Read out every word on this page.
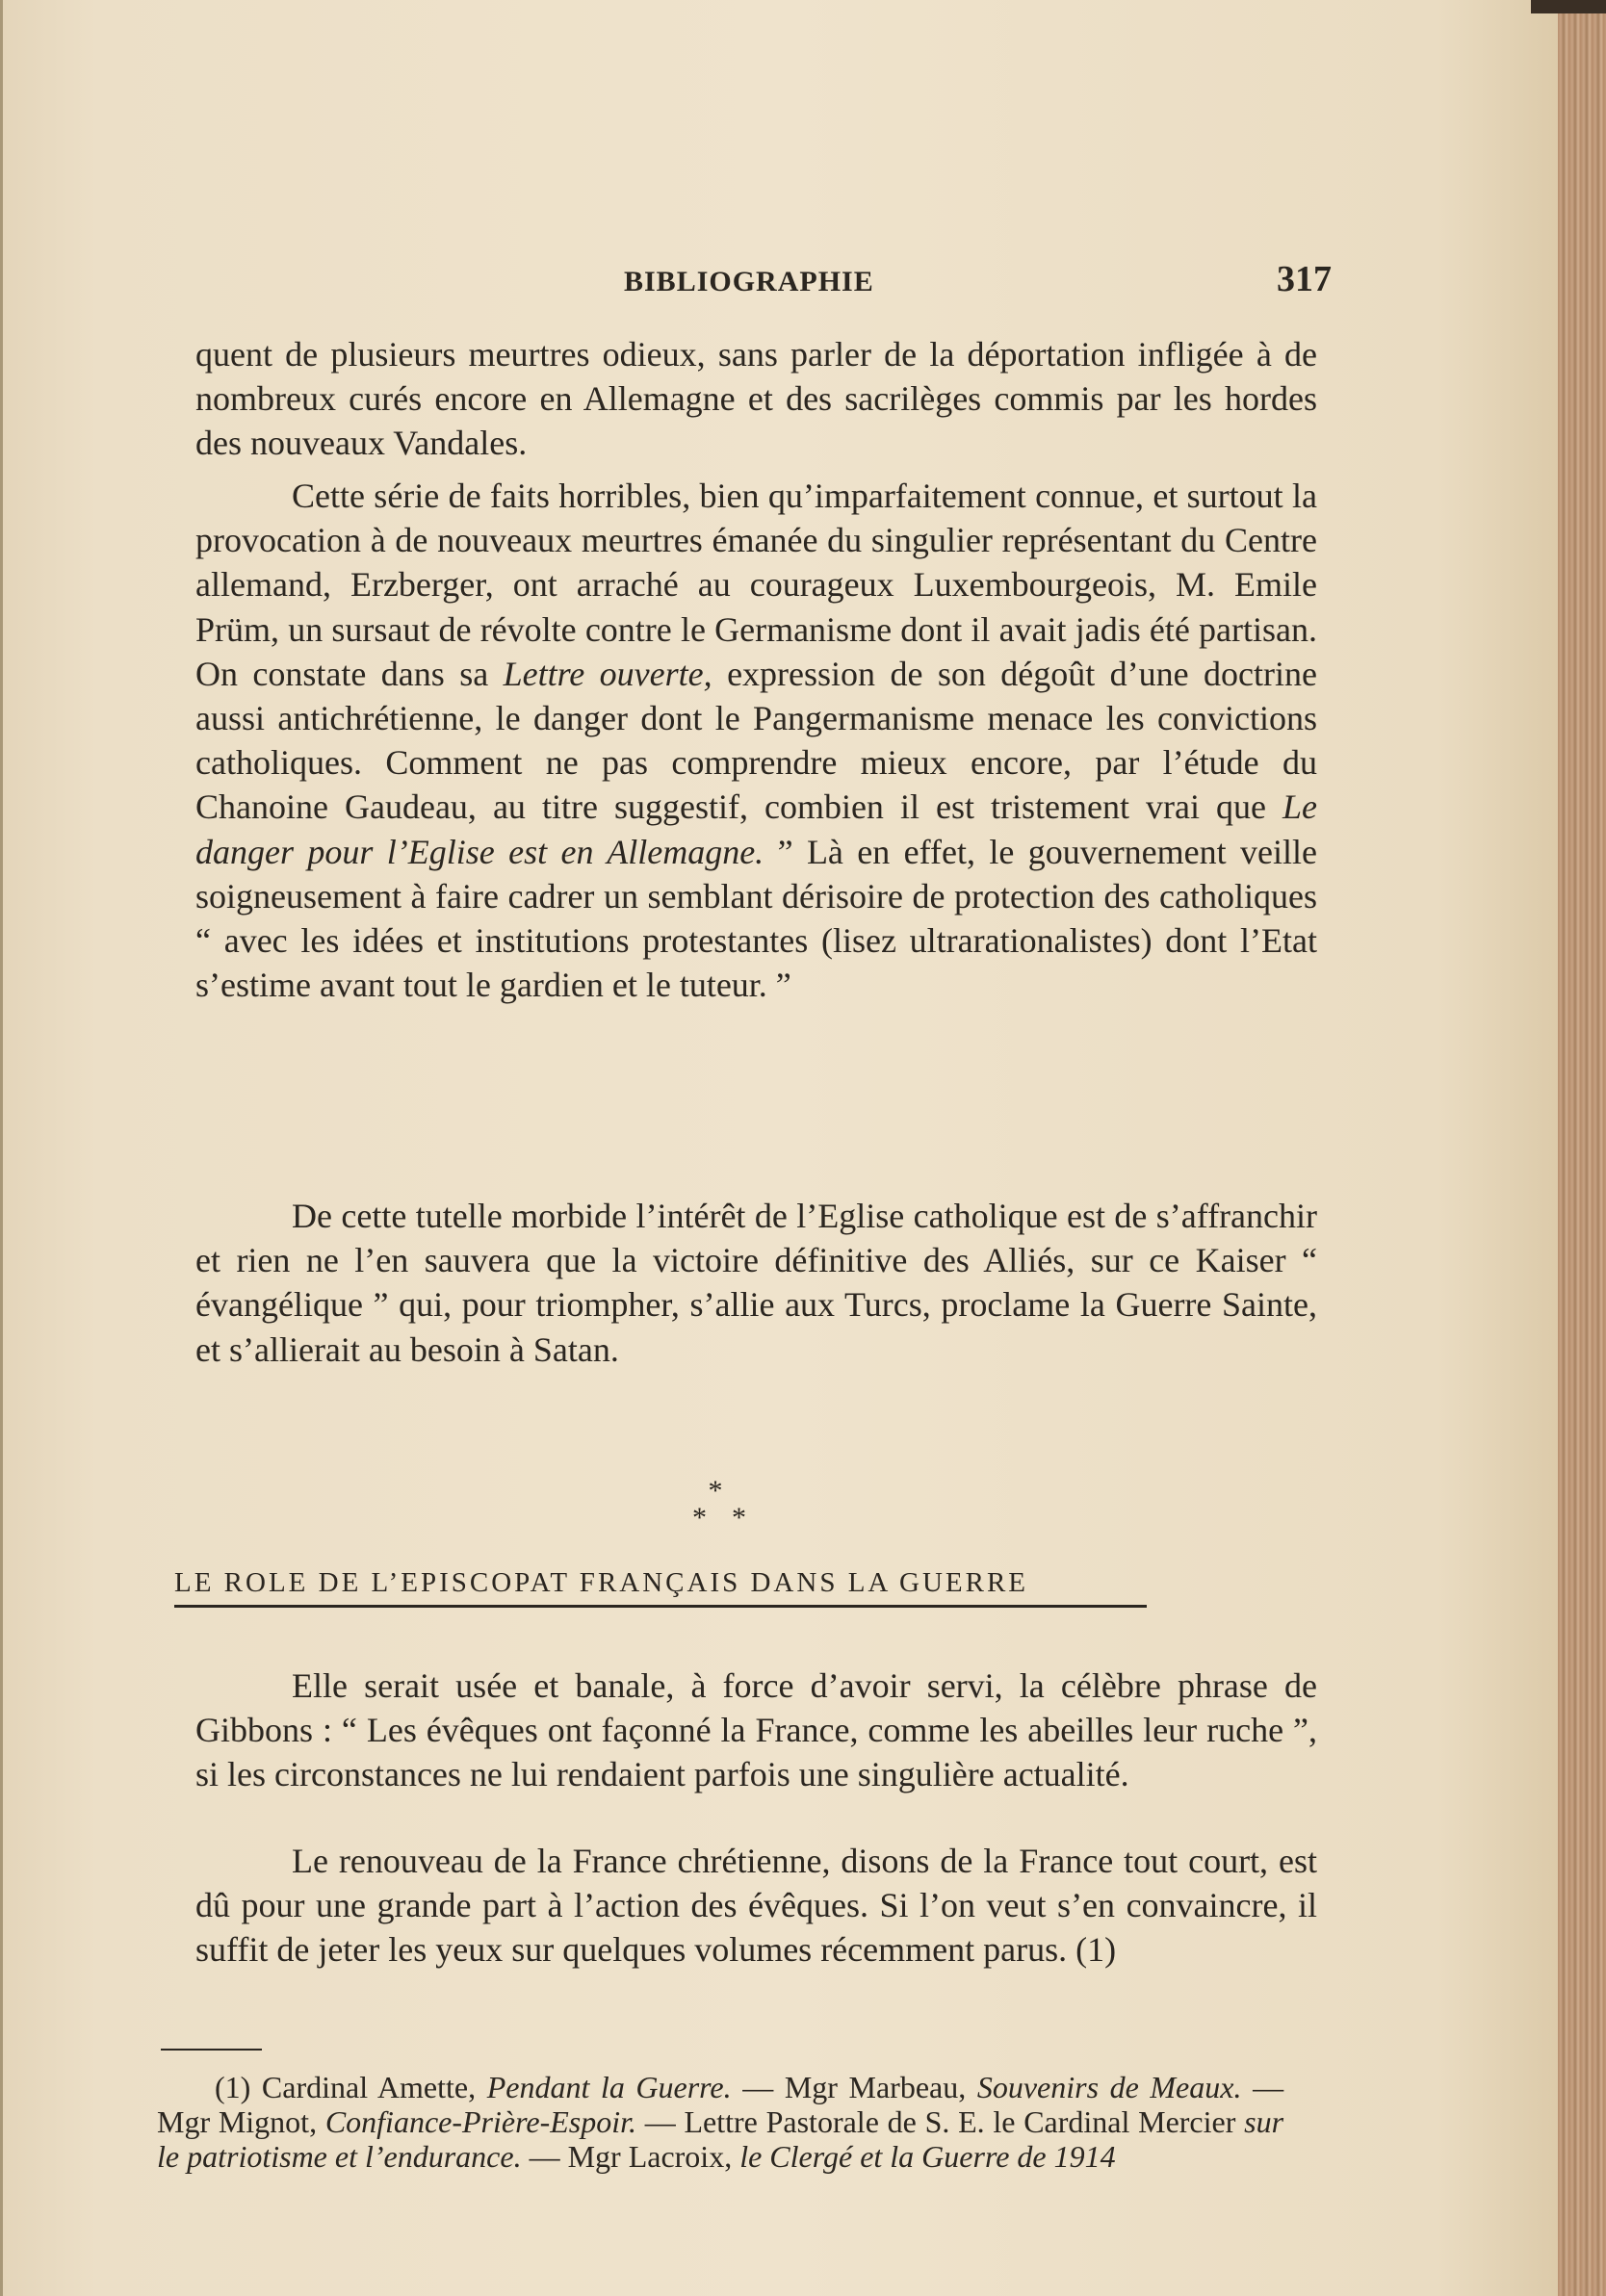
BIBLIOGRAPHIE	317

quent de plusieurs meurtres odieux, sans parler de la déportation infligée à de nombreux curés encore en Allemagne et des sacrilèges commis par les hordes des nouveaux Vandales.

Cette série de faits horribles, bien qu’imparfaitement connue, et surtout la provocation à de nouveaux meurtres émanée du singulier représentant du Centre allemand, Erzberger, ont arraché au courageux Luxembourgeois, M. Emile Prüm, un sursaut de révolte contre le Germanisme dont il avait jadis été partisan. On constate dans sa Lettre ouverte, expression de son dégoût d’une doctrine aussi antichrétienne, le danger dont le Pangermanisme menace les convictions catholiques. Comment ne pas comprendre mieux encore, par l’étude du Chanoine Gaudeau, au titre suggestif, combien il est tristement vrai que Le danger pour l’Eglise est en Allemagne. ” Là en effet, le gouvernement veille soigneusement à faire cadrer un semblant dérisoire de protection des catholiques “ avec les idées et institutions protestantes (lisez ultrarationalistes) dont l’Etat s’estime avant tout le gardien et le tuteur. ”

De cette tutelle morbide l’intérêt de l’Eglise catholique est de s’affranchir et rien ne l’en sauvera que la victoire définitive des Alliés, sur ce Kaiser “ évangélique ” qui, pour triompher, s’allie aux Turcs, proclame la Guerre Sainte, et s’allierait au besoin à Satan.

*
**
LE ROLE DE L’EPISCOPAT FRANÇAIS DANS LA GUERRE

Elle serait usée et banale, à force d’avoir servi, la célèbre phrase de Gibbons : “ Les évêques ont façonné la France, comme les abeilles leur ruche ”, si les circonstances ne lui rendaient parfois une singulière actualité.

Le renouveau de la France chrétienne, disons de la France tout court, est dû pour une grande part à l’action des évêques. Si l’on veut s’en convaincre, il suffit de jeter les yeux sur quelques volumes récemment parus. (1)

(1) Cardinal Amette, Pendant la Guerre. — Mgr Marbeau, Souvenirs de Meaux. — Mgr Mignot, Confiance-Prière-Espoir. — Lettre Pastorale de S. E. le Cardinal Mercier sur le patriotisme et l’endurance. — Mgr Lacroix, le Clergé et la Guerre de 1914
